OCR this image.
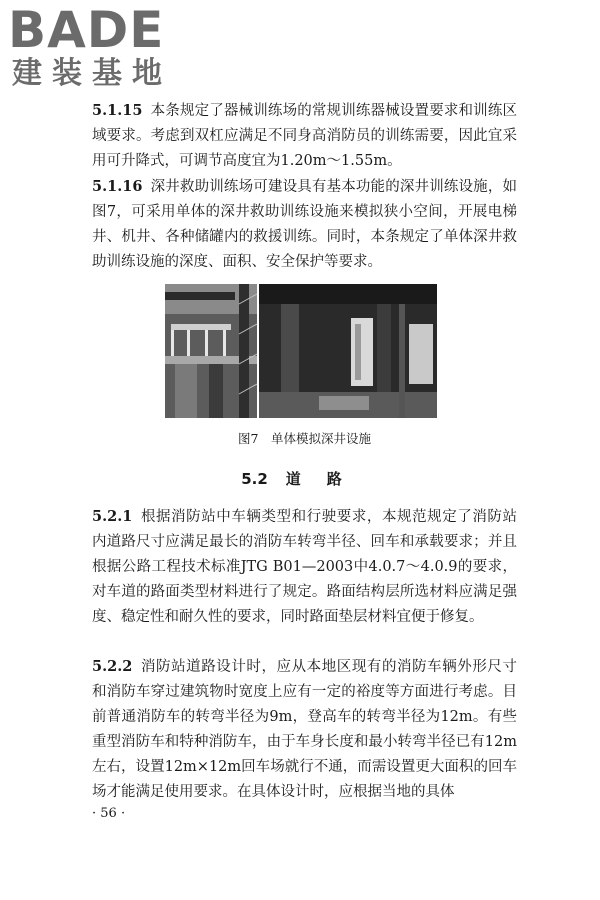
BADE
建装基地

5.1.15 本条规定了器械训练场的常规训练器械设置要求和训练区域要求。考虑到双杠应满足不同身高消防员的训练需要，因此宜采用可升降式，可调节高度宜为1.20m～1.55m。

5.1.16 深井救助训练场可建设具有基本功能的深井训练设施，如图7，可采用单体的深井救助训练设施来模拟狭小空间，开展电梯井、机井、各种储罐内的救援训练。同时，本条规定了单体深井救助训练设施的深度、面积、安全保护等要求。

图7　单体模拟深井设施
5.2 道路

5.2.1 根据消防站中车辆类型和行驶要求，本规范规定了消防站内道路尺寸应满足最长的消防车转弯半径、回车和承载要求；并且根据公路工程技术标准JTG B01—2003中4.0.7～4.0.9的要求，对车道的路面类型材料进行了规定。路面结构层所选材料应满足强度、稳定性和耐久性的要求，同时路面垫层材料宜便于修复。

5.2.2 消防站道路设计时，应从本地区现有的消防车辆外形尺寸和消防车穿过建筑物时宽度上应有一定的裕度等方面进行考虑。目前普通消防车的转弯半径为9m，登高车的转弯半径为12m。有些重型消防车和特种消防车，由于车身长度和最小转弯半径已有12m左右，设置12m×12m回车场就行不通，而需设置更大面积的回车场才能满足使用要求。在具体设计时，应根据当地的具体

· 56 ·
